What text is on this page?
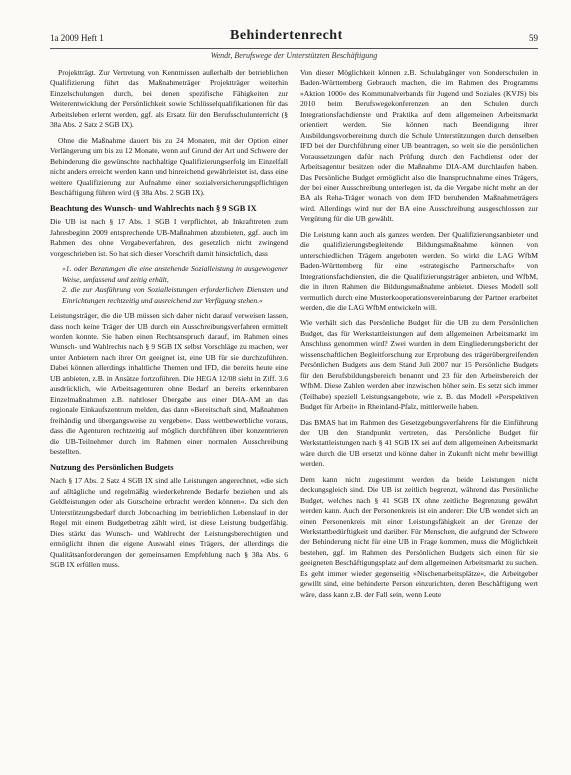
1a 2009 Heft 1	Behindertenrecht	59
Wendt, Berufswege der Unterstützten Beschäftigung

Projektträgt. Zur Vertretung von Kenntnissen außerhalb der betrieblichen Qualifizierung führt das Maßnahmeträger Projektträger weiterhin Einzelschulungen durch, bei denen spezifische Fähigkeiten zur Weiterentwicklung der Persönlichkeit sowie Schlüsselqualifikationen für das Arbeitsleben erlernt werden, ggf. als Ersatz für den Berufsschulunterricht (§ 38a Abs. 2 Satz 2 SGB IX).

Ohne die Maßnahme dauert bis zu 24 Monaten, mit der Option einer Verlängerung um bis zu 12 Monate, wenn auf Grund der Art und Schwere der Behinderung die gewünschte nachhaltige Qualifizierungserfolg im Einzelfall nicht anders erreicht werden kann und hinreichend gewährleistet ist, dass eine weitere Qualifizierung zur Aufnahme einer sozialversicherungspflichtigen Beschäftigung führen wird (§ 38a Abs. 2 SGB IX).

Beachtung des Wunsch- und Wahlrechts nach § 9 SGB IX

Die UB ist nach § 17 Abs. 1 SGB I verpflichtet, ab Inkrafttreten zum Jahresbeginn 2009 entsprechende UB-Maßnahmen abzubieten, ggf. auch im Rahmen des ohne Vergabeverfahren, des gesetzlich nicht zwingend vorgeschrieben ist. So hat sich dieser Vorschrift damit hinsichtlich, dass

»1. oder Beratungen die eine anstehende Sozialleistung in ausgewogener Weise, umfassend und zeitig erhält,
2. die zur Ausführung von Sozialleistungen erforderlichen Diensten und Einrichtungen rechtzeitig und ausreichend zur Verfügung stehen.«

Leistungsträger, die die UB müssen sich daher nicht darauf verweisen lassen, dass noch keine Träger der UB durch ein Ausschreibungsverfahren ermittelt worden konnte. Sie haben einen Rechtsanspruch darauf, im Rahmen eines Wunsch- und Wahlrechts nach § 9 SGB IX selbst Vorschläge zu machen, wer unter Anbietern nach ihrer Ort geeignet ist, eine UB für sie durchzuführen. Dabei können allerdings inhaltliche Themen und IFD, die bereits heute eine UB anbieten, z.B. in Ansätze fortzuführen. Die HEGA 12/08 sieht in Ziff. 3.6 ausdrücklich, wie Arbeitsagenturen ohne Bedarf an bereits erkennbaren Einzelmaßnahmen z.B. nahtloser Übergabe aus einer DIA-AM an das regionale Einkaufszentrum melden, das dann »Bereitschaft sind, Maßnahmen freihändig und übergangsweise zu vergeben«. Dass wettbewerbliche voraus, dass die Agenturen rechtzeitig auf möglich durchführen über konzentrieren die UB-Teilnehmer durch im Rahmen einer normalen Ausschreibung bestellten.

Nutzung des Persönlichen Budgets

Nach § 17 Abs. 2 Satz 4 SGB IX sind alle Leistungen angerechnet, »die sich auf alltägliche und regelmäßig wiederkehrende Bedarfe beziehen und als Geldleistungen oder als Gutscheine erbracht werden können«. Da sich den Unterstützungsbedarf durch Jobcoaching im betrieblichen Lebenslauf in der Regel mit einem Budgetbetrag zählt wird, ist diese Leistung budgetfähig. Dies stärkt das Wunsch- und Wahlrecht der Leistungsberechtigten und ermöglicht ihnen die eigene Auswahl eines Trägers, der allerdings die Qualitätsanforderungen der gemeinsamen Empfehlung nach § 38a Abs. 6 SGB IX erfüllen muss.

Von dieser Möglichkeit können z.B. Schulabgänger von Sonderschulen in Baden-Württemberg Gebrauch machen, die im Rahmen des Programms »Aktion 1000« des Kommunalverbands für Jugend und Soziales (KVJS) bis 2010 beim Berufswegekonferenzen an den Schulen durch Integrationsfachdienste und Praktika auf dem allgemeinen Arbeitsmarkt orientiert werden. Sie können nach Beendigung ihrer Ausbildungsvorbereitung durch die Schule Unterstützungen durch denselben IFD bei der Durchführung einer UB beantragen, so weit sie die persönlichen Voraussetzungen dafür nach Prüfung durch den Fachdienst oder der Arbeitsagentur besitzen oder die Maßnahme DIA-AM durchlaufen haben. Das Persönliche Budget ermöglicht also die Inanspruchnahme eines Trägers, der bei einer Ausschreibung unterlegen ist, da die Vergabe nicht mehr an der BA als Reha-Träger wonach von dem IFD beruhenden Maßnahmeträgers wird. Allerdings wird nur der BA eine Ausschreibung ausgeschlossen zur Vergütung für die UB gewählt.

Die Leistung kann auch als ganzes werden. Der Qualifizierungsanbieter und die qualifizierungsbegleitende Bildungsmaßnahme können von unterschiedlichen Trägern angeboten werden. So wirkt die LAG WfbM Baden-Württemberg für eine »strategische Partnerschaft« von Integrationsfachdiensten, die die Qualifizierungsträger anbieten, und WfbM, die in ihren Rahmen die Bildungsmaßnahme anbietet. Dieses Modell soll vermutlich durch eine Musterkooperationsvereinbarung der Partner erarbeitet werden, die die LAG WfbM entwickeln will.

Wie verhält sich das Persönliche Budget für die UB zu dem Persönlichen Budget, das für Werkstattleistungen auf dem allgemeinen Arbeitsmarkt im Anschluss genommen wird? Zwei wurden in dem Eingliederungsbericht der wissenschaftlichen Begleitforschung zur Erprobung des trägerübergreifenden Persönlichen Budgets aus dem Stand Juli 2007 nur 15 Persönliche Budgets für den Berufsbildungsbereich benannt und 23 für den Arbeitsbereich der WfbM. Diese Zahlen werden aber inzwischen höher sein. Es setzt sich immer (Teilhabe) speziell Leistungsangebote, wie z. B. das Modell »Perspektiven Budget für Arbeit« in Rheinland-Pfalz, mittlerweile haben.

Das BMAS hat im Rahmen des Gesetzgebungsverfahrens für die Einführung der UB den Standpunkt vertreten, das Persönliche Budget für Werkstattleistungen nach § 41 SGB IX sei auf dem allgemeinen Arbeitsmarkt wäre durch die UB ersetzt und könne daher in Zukunft nicht mehr bewilligt werden.

Dem kann nicht zugestimmt werden da beide Leistungen nicht deckungsgleich sind. Die UB ist zeitlich begrenzt, während das Persönliche Budget, welches nach § 41 SGB IX ohne zeitliche Begrenzung gewährt werden kann. Auch der Personenkreis ist ein anderer: Die UB wendet sich an einen Personenkreis mit einer Leistungsfähigkeit an der Grenze der Werkstattbedürftigkeit und darüber. Für Menschen, die aufgrund der Schwere der Behinderung nicht für eine UB in Frage kommen, muss die Möglichkeit bestehen, ggf. im Rahmen des Persönlichen Budgets sich einen für sie geeigneten Beschäftigungsplatz auf dem allgemeinen Arbeitsmarkt zu suchen. Es geht immer wieder gegenseitig »Nischenarbeitsplätze«, die Arbeitgeber gewillt sind, eine behinderte Person einzurichten, deren Beschäftigung wert wäre, dass kann z.B. der Fall sein, wenn Leute
